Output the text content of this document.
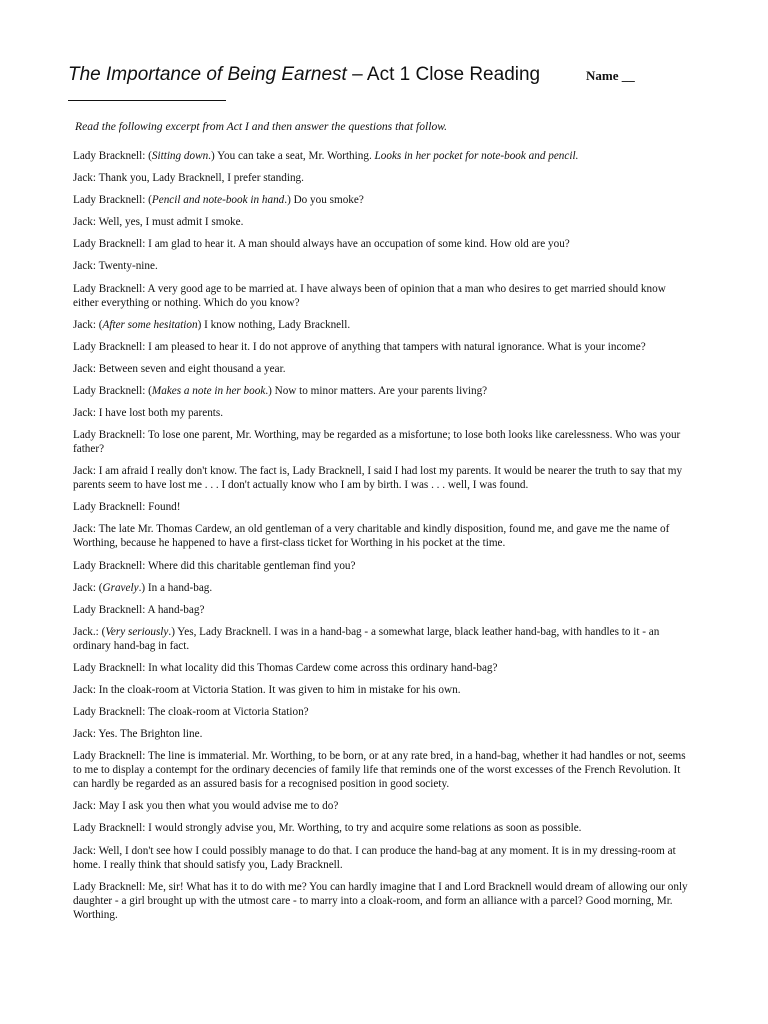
The Importance of Being Earnest – Act 1 Close Reading	Name __
Read the following excerpt from Act I and then answer the questions that follow.
Lady Bracknell: (Sitting down.) You can take a seat, Mr. Worthing. Looks in her pocket for note-book and pencil.
Jack: Thank you, Lady Bracknell, I prefer standing.
Lady Bracknell: (Pencil and note-book in hand.) Do you smoke?
Jack: Well, yes, I must admit I smoke.
Lady Bracknell: I am glad to hear it. A man should always have an occupation of some kind. How old are you?
Jack: Twenty-nine.
Lady Bracknell: A very good age to be married at. I have always been of opinion that a man who desires to get married should know either everything or nothing. Which do you know?
Jack: (After some hesitation) I know nothing, Lady Bracknell.
Lady Bracknell: I am pleased to hear it. I do not approve of anything that tampers with natural ignorance. What is your income?
Jack: Between seven and eight thousand a year.
Lady Bracknell: (Makes a note in her book.) Now to minor matters. Are your parents living?
Jack: I have lost both my parents.
Lady Bracknell: To lose one parent, Mr. Worthing, may be regarded as a misfortune; to lose both looks like carelessness. Who was your father?
Jack: I am afraid I really don't know. The fact is, Lady Bracknell, I said I had lost my parents. It would be nearer the truth to say that my parents seem to have lost me . . . I don't actually know who I am by birth. I was . . . well, I was found.
Lady Bracknell: Found!
Jack: The late Mr. Thomas Cardew, an old gentleman of a very charitable and kindly disposition, found me, and gave me the name of Worthing, because he happened to have a first-class ticket for Worthing in his pocket at the time.
Lady Bracknell: Where did this charitable gentleman find you?
Jack: (Gravely.) In a hand-bag.
Lady Bracknell: A hand-bag?
Jack.: (Very seriously.) Yes, Lady Bracknell. I was in a hand-bag - a somewhat large, black leather hand-bag, with handles to it - an ordinary hand-bag in fact.
Lady Bracknell: In what locality did this Thomas Cardew come across this ordinary hand-bag?
Jack: In the cloak-room at Victoria Station. It was given to him in mistake for his own.
Lady Bracknell: The cloak-room at Victoria Station?
Jack: Yes. The Brighton line.
Lady Bracknell: The line is immaterial. Mr. Worthing, to be born, or at any rate bred, in a hand-bag, whether it had handles or not, seems to me to display a contempt for the ordinary decencies of family life that reminds one of the worst excesses of the French Revolution. It can hardly be regarded as an assured basis for a recognised position in good society.
Jack: May I ask you then what you would advise me to do?
Lady Bracknell: I would strongly advise you, Mr. Worthing, to try and acquire some relations as soon as possible.
Jack: Well, I don't see how I could possibly manage to do that. I can produce the hand-bag at any moment. It is in my dressing-room at home. I really think that should satisfy you, Lady Bracknell.
Lady Bracknell: Me, sir! What has it to do with me? You can hardly imagine that I and Lord Bracknell would dream of allowing our only daughter - a girl brought up with the utmost care - to marry into a cloak-room, and form an alliance with a parcel? Good morning, Mr. Worthing.
